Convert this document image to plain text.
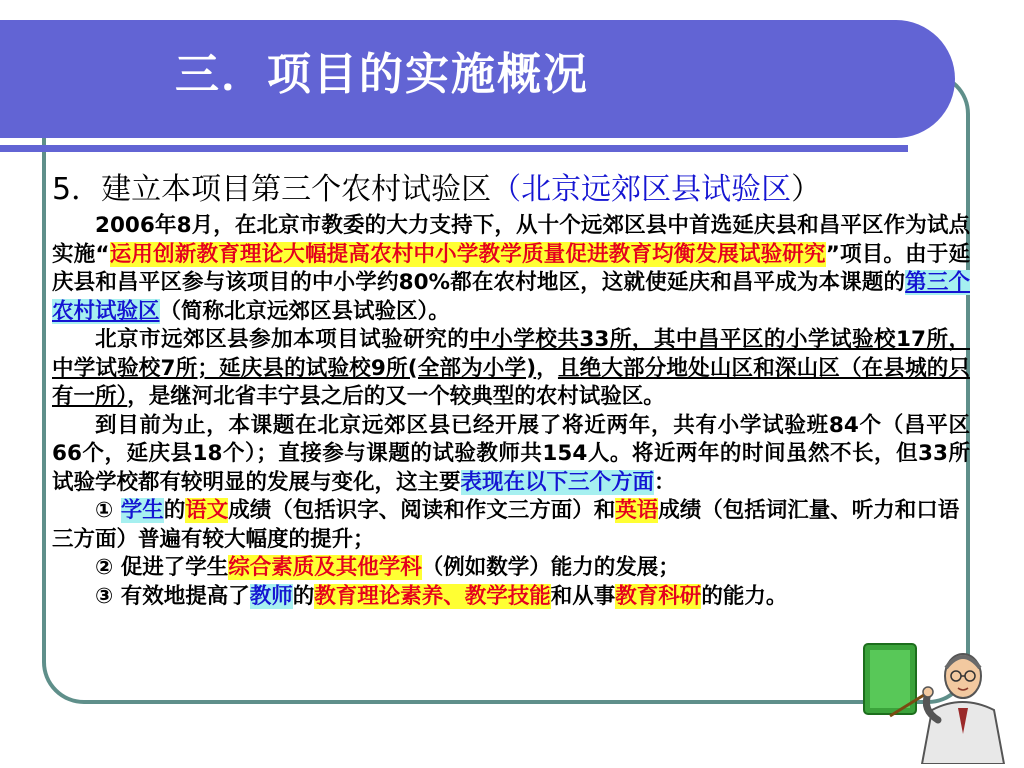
三．项目的实施概况
5．建立本项目第三个农村试验区（北京远郊区县试验区）

2006年8月，在北京市教委的大力支持下，从十个远郊区县中首选延庆县和昌平区作为试点实施“运用创新教育理论大幅提高农村中小学教学质量促进教育均衡发展试验研究”项目。由于延庆县和昌平区参与该项目的中小学约80%都在农村地区，这就使延庆和昌平成为本课题的第三个农村试验区（简称北京远郊区县试验区）。

北京市远郊区县参加本项目试验研究的中小学校共33所，其中昌平区的小学试验校17所，中学试验校7所；延庆县的试验校9所(全部为小学)，且绝大部分地处山区和深山区（在县城的只有一所），是继河北省丰宁县之后的又一个较典型的农村试验区。

到目前为止，本课题在北京远郊区县已经开展了将近两年，共有小学试验班84个（昌平区66个，延庆县18个）；直接参与课题的试验教师共154人。将近两年的时间虽然不长，但33所试验学校都有较明显的发展与变化，这主要表现在以下三个方面：

① 学生的语文成绩（包括识字、阅读和作文三方面）和英语成绩（包括词汇量、听力和口语三方面）普遍有较大幅度的提升；

② 促进了学生综合素质及其他学科（例如数学）能力的发展；

③ 有效地提高了教师的教育理论素养、教学技能和从事教育科研的能力。
